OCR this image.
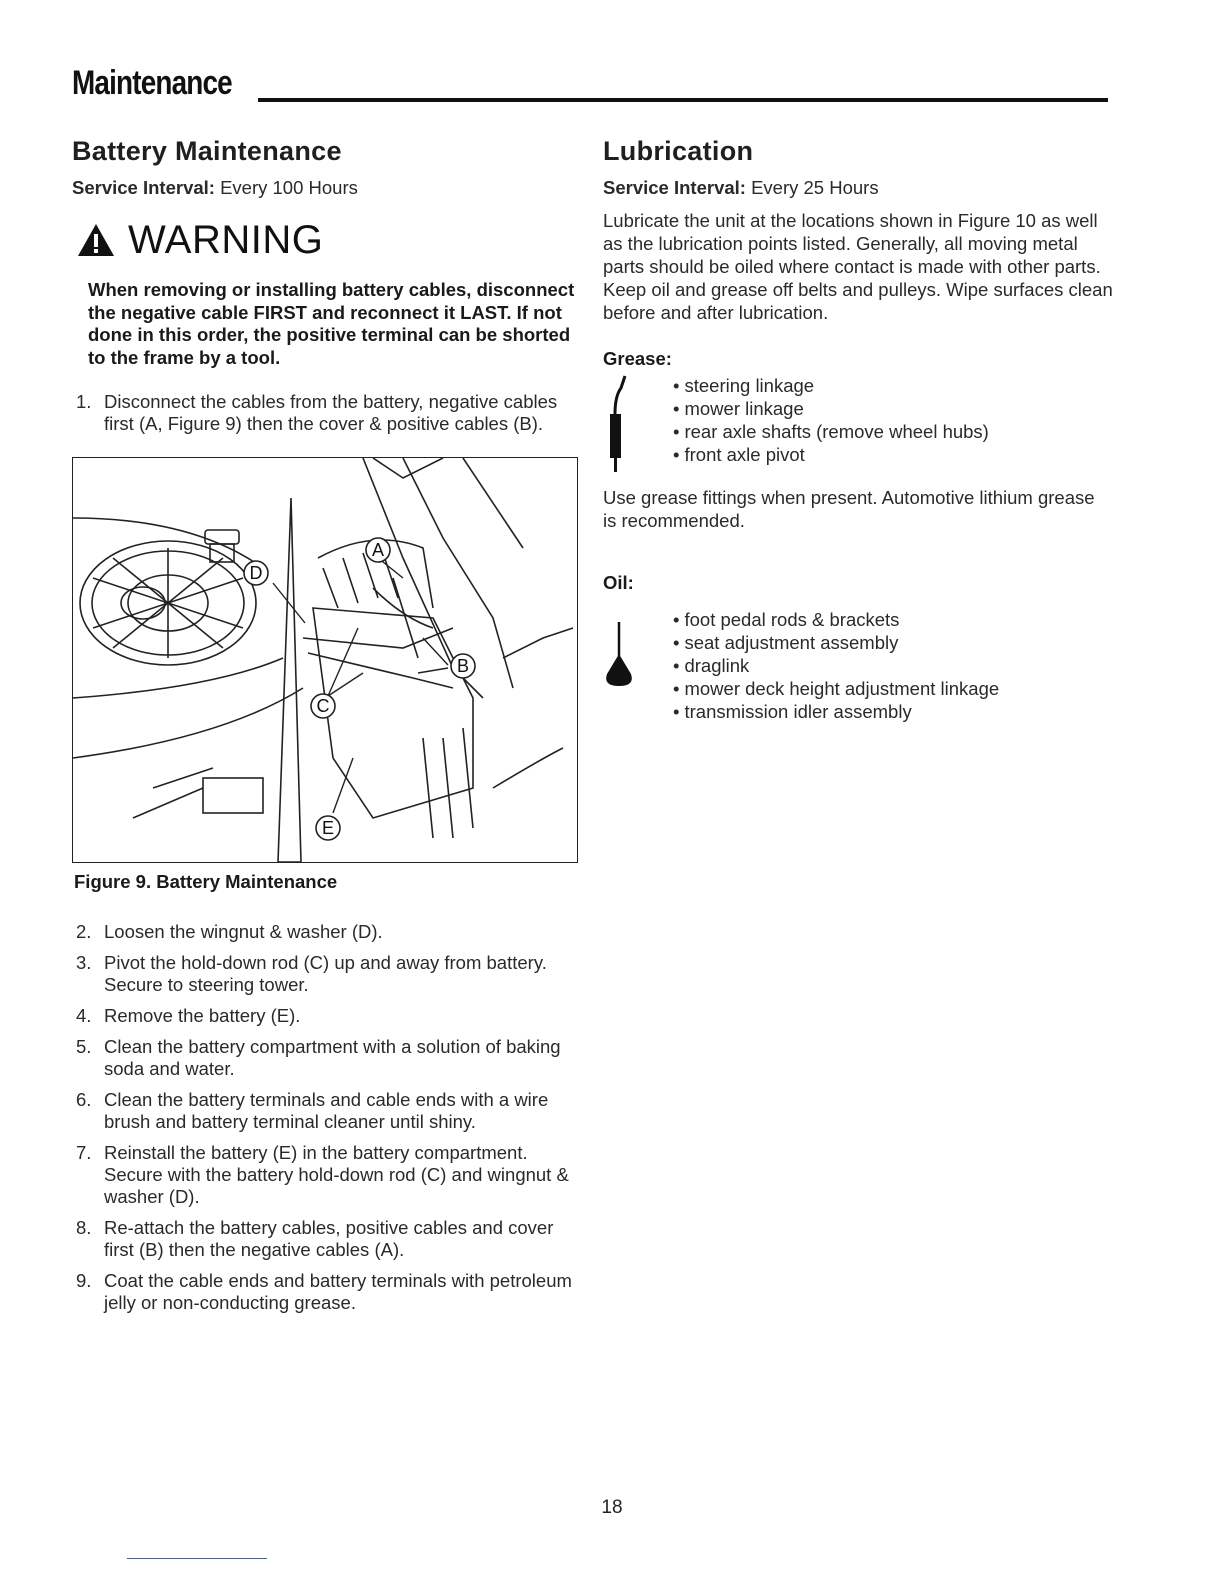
Maintenance
Battery Maintenance
Service Interval: Every 100 Hours
WARNING
When removing or installing battery cables, disconnect the negative cable FIRST and reconnect it LAST. If not done in this order, the positive terminal can be shorted to the frame by a tool.
1. Disconnect the cables from the battery, negative cables first (A, Figure 9) then the cover & positive cables (B).
A
B
C
D
E
Figure 9. Battery Maintenance
2. Loosen the wingnut & washer (D).
3. Pivot the hold-down rod (C) up and away from battery. Secure to steering tower.
4. Remove the battery (E).
5. Clean the battery compartment with a solution of baking soda and water.
6. Clean the battery terminals and cable ends with a wire brush and battery terminal cleaner until shiny.
7. Reinstall the battery (E) in the battery compartment. Secure with the battery hold-down rod (C) and wingnut & washer (D).
8. Re-attach the battery cables, positive cables and cover first (B) then the negative cables (A).
9. Coat the cable ends and battery terminals with petroleum jelly or non-conducting grease.
Lubrication
Service Interval: Every 25 Hours

Lubricate the unit at the locations shown in Figure 10 as well as the lubrication points listed. Generally, all moving metal parts should be oiled where contact is made with other parts. Keep oil and grease off belts and pulleys. Wipe surfaces clean before and after lubrication.

Grease:
• steering linkage
• mower linkage
• rear axle shafts (remove wheel hubs)
• front axle pivot

Use grease fittings when present. Automotive lithium grease is recommended.

Oil:
• foot pedal rods & brackets
• seat adjustment assembly
• draglink
• mower deck height adjustment linkage
• transmission idler assembly
18
